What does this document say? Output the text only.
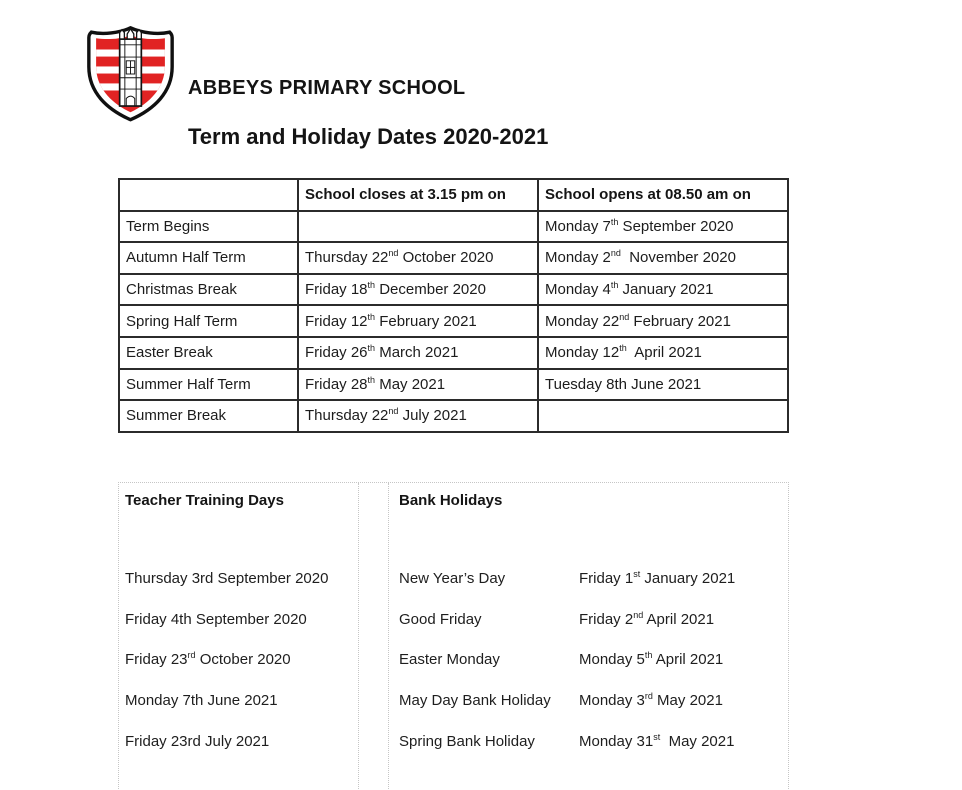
ABBEYS PRIMARY SCHOOL
Term and Holiday Dates 2020-2021
	School closes at 3.15 pm on	School opens at 08.50 am on
Term Begins		Monday 7th September 2020
Autumn Half Term	Thursday 22nd October 2020	Monday 2nd  November 2020
Christmas Break	Friday 18th December 2020	Monday 4th January 2021
Spring Half Term	Friday 12th February 2021	Monday 22nd February 2021
Easter Break	Friday 26th March 2021	Monday 12th  April 2021
Summer Half Term	Friday 28th May 2021	Tuesday 8th June 2021
Summer Break	Thursday 22nd July 2021	
Teacher Training Days	Bank Holidays
Thursday 3rd September 2020
Friday 4th September 2020
Friday 23rd October 2020
Monday 7th June 2021
Friday 23rd July 2021
New Year’s Day	Friday 1st January 2021
Good Friday	Friday 2nd April 2021
Easter Monday	Monday 5th April 2021
May Day Bank Holiday	Monday 3rd May 2021
Spring Bank Holiday	Monday 31st  May 2021
